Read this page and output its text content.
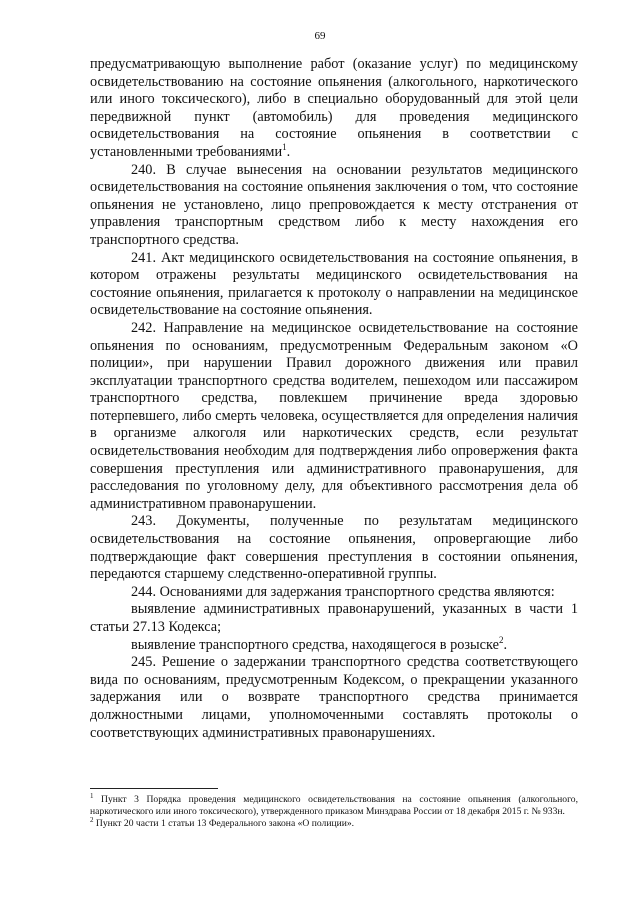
69

предусматривающую выполнение работ (оказание услуг) по медицинскому освидетельствованию на состояние опьянения (алкогольного, наркотического или иного токсического), либо в специально оборудованный для этой цели передвижной пункт (автомобиль) для проведения медицинского освидетельствования на состояние опьянения в соответствии с установленными требованиями$^1$.

240. В случае вынесения на основании результатов медицинского освидетельствования на состояние опьянения заключения о том, что состояние опьянения не установлено, лицо препровождается к месту отстранения от управления транспортным средством либо к месту нахождения его транспортного средства.

241. Акт медицинского освидетельствования на состояние опьянения, в котором отражены результаты медицинского освидетельствования на состояние опьянения, прилагается к протоколу о направлении на медицинское освидетельствование на состояние опьянения.

242. Направление на медицинское освидетельствование на состояние опьянения по основаниям, предусмотренным Федеральным законом «О полиции», при нарушении Правил дорожного движения или правил эксплуатации транспортного средства водителем, пешеходом или пассажиром транспортного средства, повлекшем причинение вреда здоровью потерпевшего, либо смерть человека, осуществляется для определения наличия в организме алкоголя или наркотических средств, если результат освидетельствования необходим для подтверждения либо опровержения факта совершения преступления или административного правонарушения, для расследования по уголовному делу, для объективного рассмотрения дела об административном правонарушении.

243. Документы, полученные по результатам медицинского освидетельствования на состояние опьянения, опровергающие либо подтверждающие факт совершения преступления в состоянии опьянения, передаются старшему следственно-оперативной группы.

244. Основаниями для задержания транспортного средства являются:

выявление административных правонарушений, указанных в части 1 статьи 27.13 Кодекса;

выявление транспортного средства, находящегося в розыске$^2$.

245. Решение о задержании транспортного средства соответствующего вида по основаниям, предусмотренным Кодексом, о прекращении указанного задержания или о возврате транспортного средства принимается должностными лицами, уполномоченными составлять протоколы о соответствующих административных правонарушениях.

$^1$ Пункт 3 Порядка проведения медицинского освидетельствования на состояние опьянения (алкогольного, наркотического или иного токсического), утвержденного приказом Минздрава России от 18 декабря 2015 г. № 933н.

$^2$ Пункт 20 части 1 статьи 13 Федерального закона «О полиции».
